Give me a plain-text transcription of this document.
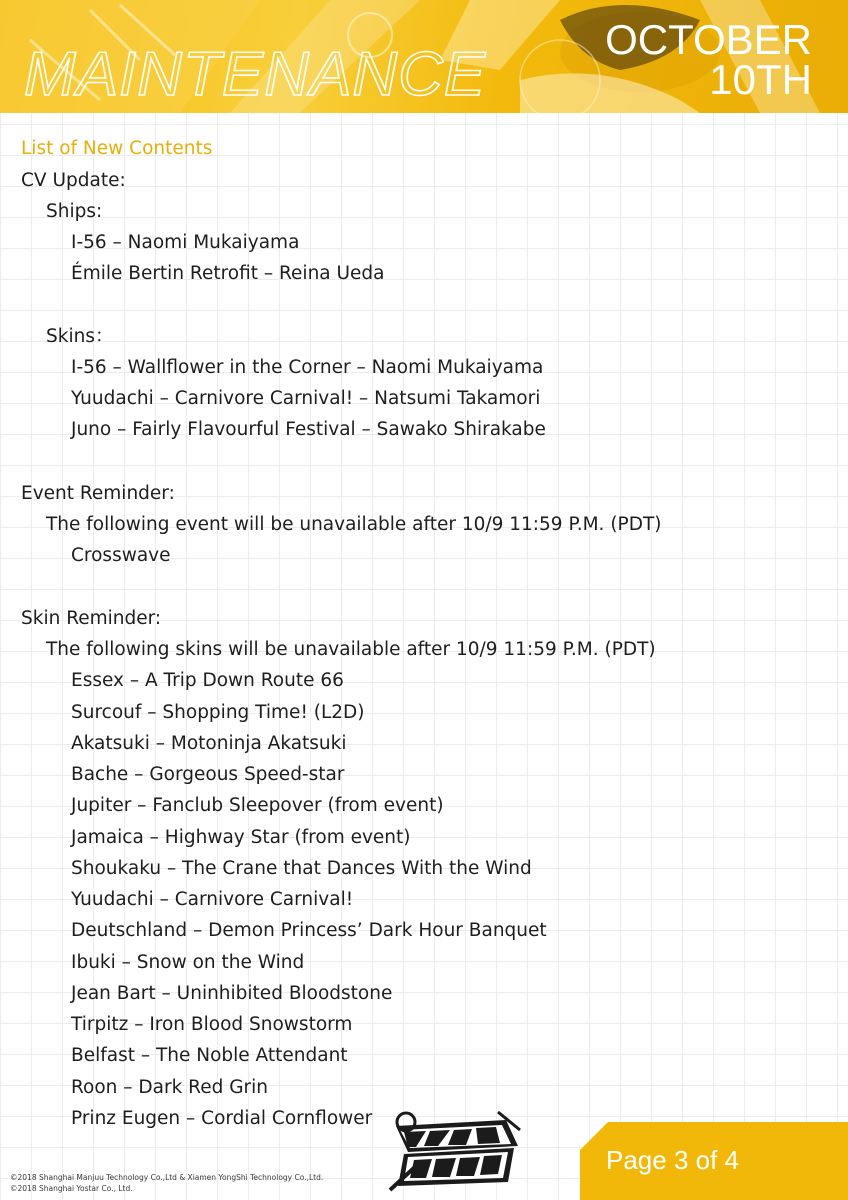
MAINTENANCE
OCTOBER
10TH
List of New Contents
CV Update:
Ships:
I-56 – Naomi Mukaiyama
Émile Bertin Retrofit – Reina Ueda
Skins：
I-56 – Wallflower in the Corner – Naomi Mukaiyama
Yuudachi – Carnivore Carnival! – Natsumi Takamori
Juno – Fairly Flavourful Festival – Sawako Shirakabe
Event Reminder:
The following event will be unavailable after 10/9 11:59 P.M. (PDT)
Crosswave
Skin Reminder:
The following skins will be unavailable after 10/9 11:59 P.M. (PDT)
Essex – A Trip Down Route 66
Surcouf – Shopping Time! (L2D)
Akatsuki – Motoninja Akatsuki
Bache – Gorgeous Speed-star
Jupiter – Fanclub Sleepover (from event)
Jamaica – Highway Star (from event)
Shoukaku – The Crane that Dances With the Wind
Yuudachi – Carnivore Carnival!
Deutschland – Demon Princess’ Dark Hour Banquet
Ibuki – Snow on the Wind
Jean Bart – Uninhibited Bloodstone
Tirpitz – Iron Blood Snowstorm
Belfast – The Noble Attendant
Roon – Dark Red Grin
Prinz Eugen – Cordial Cornflower
Page 3 of 4
©2018 Shanghai Manjuu Technology Co.,Ltd & Xiamen YongShi Technology Co.,Ltd.
©2018 Shanghai Yostar Co., Ltd.
